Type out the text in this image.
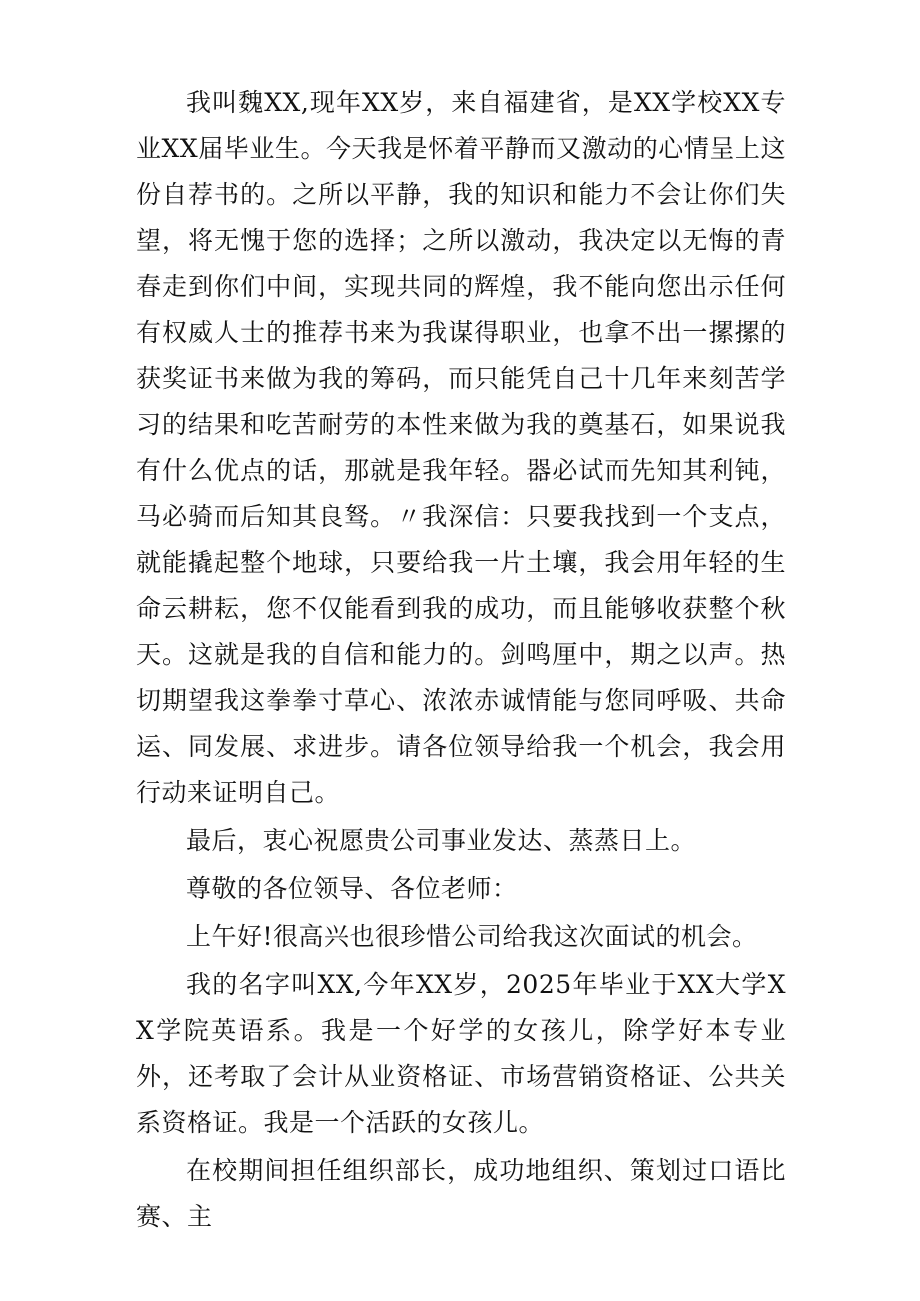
我叫魏XX,现年XX岁，来自福建省，是XX学校XX专业XX届毕业生。今天我是怀着平静而又激动的心情呈上这份自荐书的。之所以平静，我的知识和能力不会让你们失望，将无愧于您的选择；之所以激动，我决定以无悔的青春走到你们中间，实现共同的辉煌，我不能向您出示任何有权威人士的推荐书来为我谋得职业，也拿不出一摞摞的获奖证书来做为我的筹码，而只能凭自己十几年来刻苦学习的结果和吃苦耐劳的本性来做为我的奠基石，如果说我有什么优点的话，那就是我年轻。器必试而先知其利钝，马必骑而后知其良驽。〃我深信：只要我找到一个支点，就能撬起整个地球，只要给我一片土壤，我会用年轻的生命云耕耘，您不仅能看到我的成功，而且能够收获整个秋天。这就是我的自信和能力的。剑鸣厘中，期之以声。热切期望我这拳拳寸草心、浓浓赤诚情能与您同呼吸、共命运、同发展、求进步。请各位领导给我一个机会，我会用行动来证明自己。

最后，衷心祝愿贵公司事业发达、蒸蒸日上。

尊敬的各位领导、各位老师：

上午好!很高兴也很珍惜公司给我这次面试的机会。

我的名字叫XX,今年XX岁，2025年毕业于XX大学XX学院英语系。我是一个好学的女孩儿，除学好本专业外，还考取了会计从业资格证、市场营销资格证、公共关系资格证。我是一个活跃的女孩儿。

在校期间担任组织部长，成功地组织、策划过口语比赛、主
